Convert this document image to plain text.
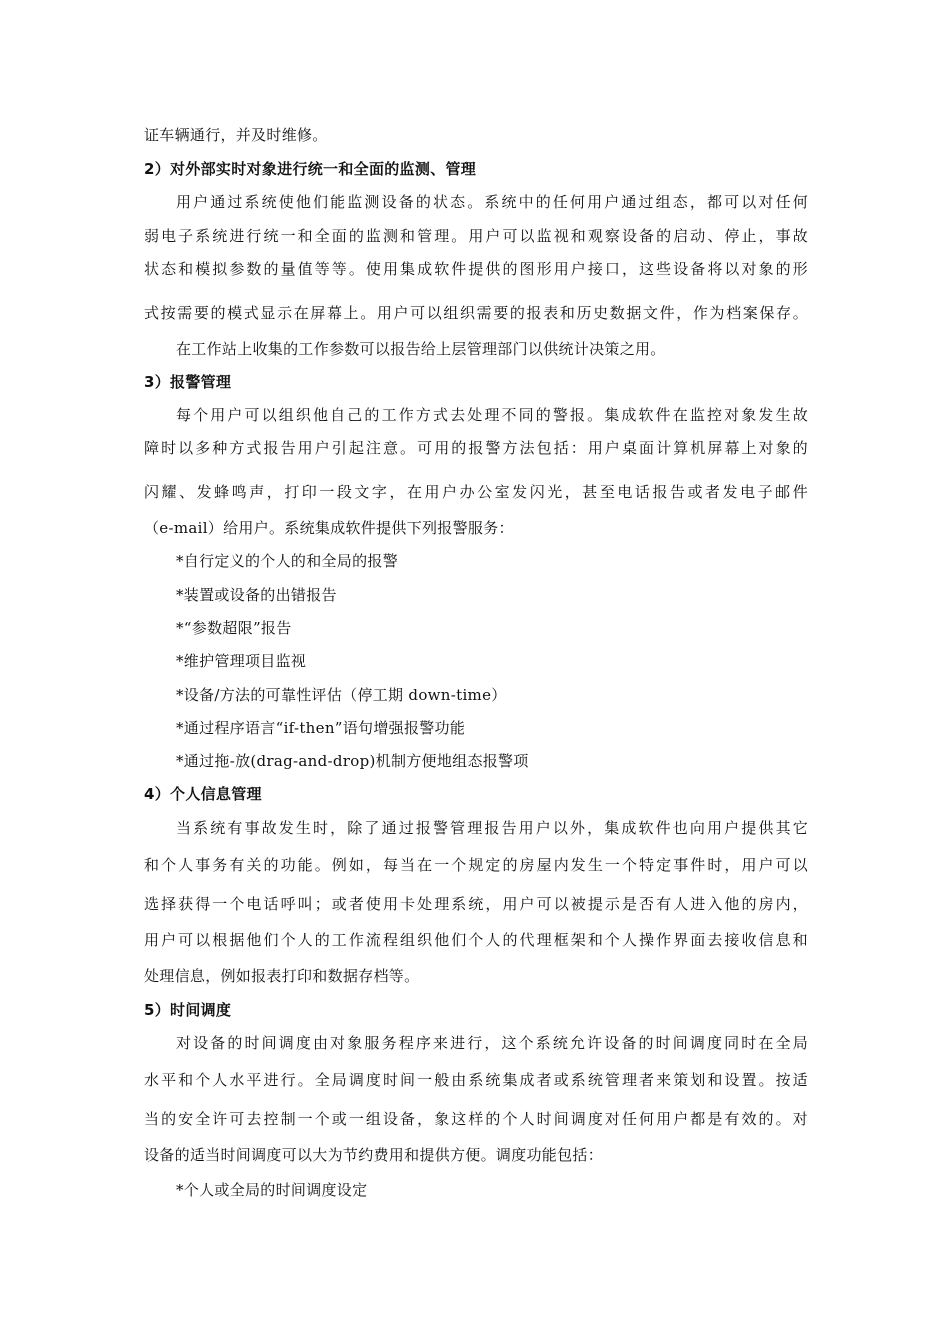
证车辆通行，并及时维修。
2）对外部实时对象进行统一和全面的监测、管理
用户通过系统使他们能监测设备的状态。系统中的任何用户通过组态，都可以对任何
弱电子系统进行统一和全面的监测和管理。用户可以监视和观察设备的启动、停止，事故
状态和模拟参数的量值等等。使用集成软件提供的图形用户接口，这些设备将以对象的形
式按需要的模式显示在屏幕上。用户可以组织需要的报表和历史数据文件，作为档案保存。
在工作站上收集的工作参数可以报告给上层管理部门以供统计决策之用。
3）报警管理
每个用户可以组织他自己的工作方式去处理不同的警报。集成软件在监控对象发生故
障时以多种方式报告用户引起注意。可用的报警方法包括：用户桌面计算机屏幕上对象的
闪耀、发蜂鸣声，打印一段文字，在用户办公室发闪光，甚至电话报告或者发电子邮件
（e-mail）给用户。系统集成软件提供下列报警服务：
*自行定义的个人的和全局的报警
*装置或设备的出错报告
*“参数超限”报告
*维护管理项目监视
*设备/方法的可靠性评估（停工期 down-time）
*通过程序语言“if-then”语句增强报警功能
*通过拖-放(drag-and-drop)机制方便地组态报警项
4）个人信息管理
当系统有事故发生时，除了通过报警管理报告用户以外，集成软件也向用户提供其它
和个人事务有关的功能。例如，每当在一个规定的房屋内发生一个特定事件时，用户可以
选择获得一个电话呼叫；或者使用卡处理系统，用户可以被提示是否有人进入他的房内，
用户可以根据他们个人的工作流程组织他们个人的代理框架和个人操作界面去接收信息和
处理信息，例如报表打印和数据存档等。
5）时间调度
对设备的时间调度由对象服务程序来进行，这个系统允许设备的时间调度同时在全局
水平和个人水平进行。全局调度时间一般由系统集成者或系统管理者来策划和设置。按适
当的安全许可去控制一个或一组设备，象这样的个人时间调度对任何用户都是有效的。对
设备的适当时间调度可以大为节约费用和提供方便。调度功能包括：
*个人或全局的时间调度设定
